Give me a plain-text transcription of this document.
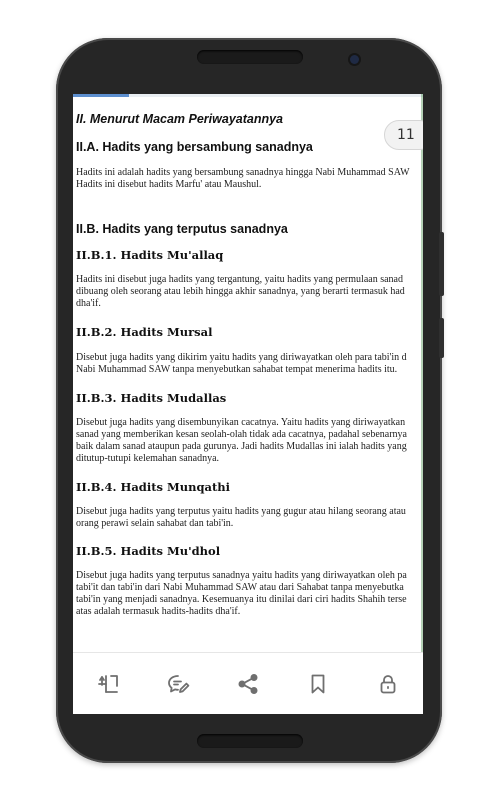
II. Menurut Macam Periwayatannya
II.A. Hadits yang bersambung sanadnya
Hadits ini adalah hadits yang bersambung sanadnya hingga Nabi Muhammad SAW
Hadits ini disebut hadits Marfu' atau Maushul.
II.B. Hadits yang terputus sanadnya
II.B.1. Hadits Mu'allaq
Hadits ini disebut juga hadits yang tergantung, yaitu hadits yang permulaan sanad
dibuang oleh seorang atau lebih hingga akhir sanadnya, yang berarti termasuk had
dha'if.
II.B.2. Hadits Mursal
Disebut juga hadits yang dikirim yaitu hadits yang diriwayatkan oleh para tabi'in d
Nabi Muhammad SAW tanpa menyebutkan sahabat tempat menerima hadits itu.
II.B.3. Hadits Mudallas
Disebut juga hadits yang disembunyikan cacatnya. Yaitu hadits yang diriwayatkan
sanad yang memberikan kesan seolah-olah tidak ada cacatnya, padahal sebenarnya
baik dalam sanad ataupun pada gurunya. Jadi hadits Mudallas ini ialah hadits yang
ditutup-tutupi kelemahan sanadnya.
II.B.4. Hadits Munqathi
Disebut juga hadits yang terputus yaitu hadits yang gugur atau hilang seorang atau
orang perawi selain sahabat dan tabi'in.
II.B.5. Hadits Mu'dhol
Disebut juga hadits yang terputus sanadnya yaitu hadits yang diriwayatkan oleh pa
tabi'it dan tabi'in dari Nabi Muhammad SAW atau dari Sahabat tanpa menyebutka
tabi'in yang menjadi sanadnya. Kesemuanya itu dinilai dari ciri hadits Shahih terse
atas adalah termasuk hadits-hadits dha'if.
11
